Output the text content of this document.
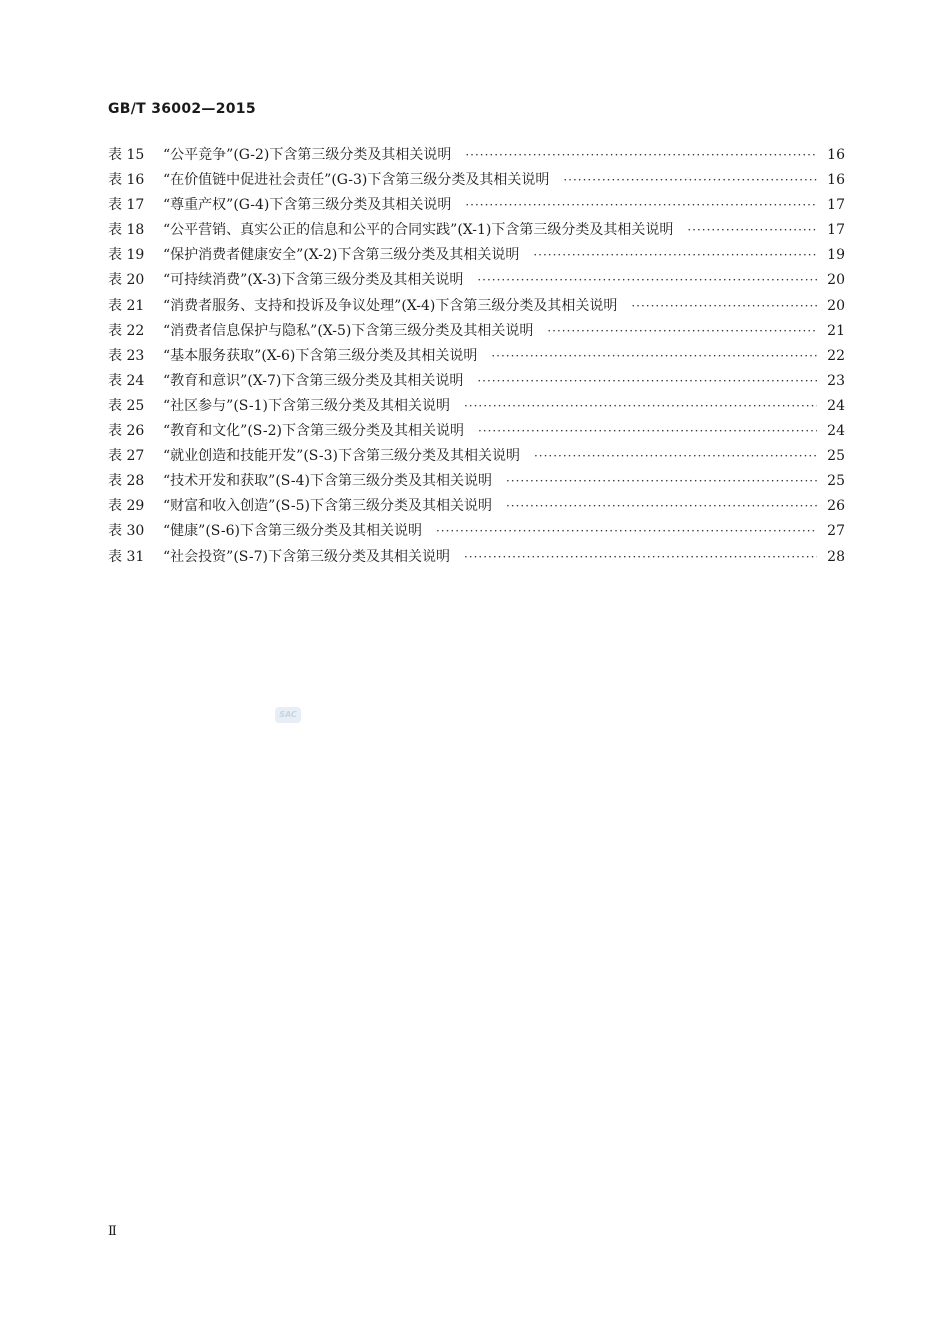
GB/T 36002—2015
表 15	“公平竞争”(G-2)下含第三级分类及其相关说明 ·····	16
表 16	“在价值链中促进社会责任”(G-3)下含第三级分类及其相关说明 ·····	16
表 17	“尊重产权”(G-4)下含第三级分类及其相关说明 ·····	17
表 18	“公平营销、真实公正的信息和公平的合同实践”(X-1)下含第三级分类及其相关说明 ·····	17
表 19	“保护消费者健康安全”(X-2)下含第三级分类及其相关说明 ·····	19
表 20	“可持续消费”(X-3)下含第三级分类及其相关说明 ·····	20
表 21	“消费者服务、支持和投诉及争议处理”(X-4)下含第三级分类及其相关说明 ·····	20
表 22	“消费者信息保护与隐私”(X-5)下含第三级分类及其相关说明 ·····	21
表 23	“基本服务获取”(X-6)下含第三级分类及其相关说明 ·····	22
表 24	“教育和意识”(X-7)下含第三级分类及其相关说明 ·····	23
表 25	“社区参与”(S-1)下含第三级分类及其相关说明 ·····	24
表 26	“教育和文化”(S-2)下含第三级分类及其相关说明 ·····	24
表 27	“就业创造和技能开发”(S-3)下含第三级分类及其相关说明 ·····	25
表 28	“技术开发和获取”(S-4)下含第三级分类及其相关说明 ·····	25
表 29	“财富和收入创造”(S-5)下含第三级分类及其相关说明 ·····	26
表 30	“健康”(S-6)下含第三级分类及其相关说明 ·····	27
表 31	“社会投资”(S-7)下含第三级分类及其相关说明 ·····	28
SAC
Ⅱ
